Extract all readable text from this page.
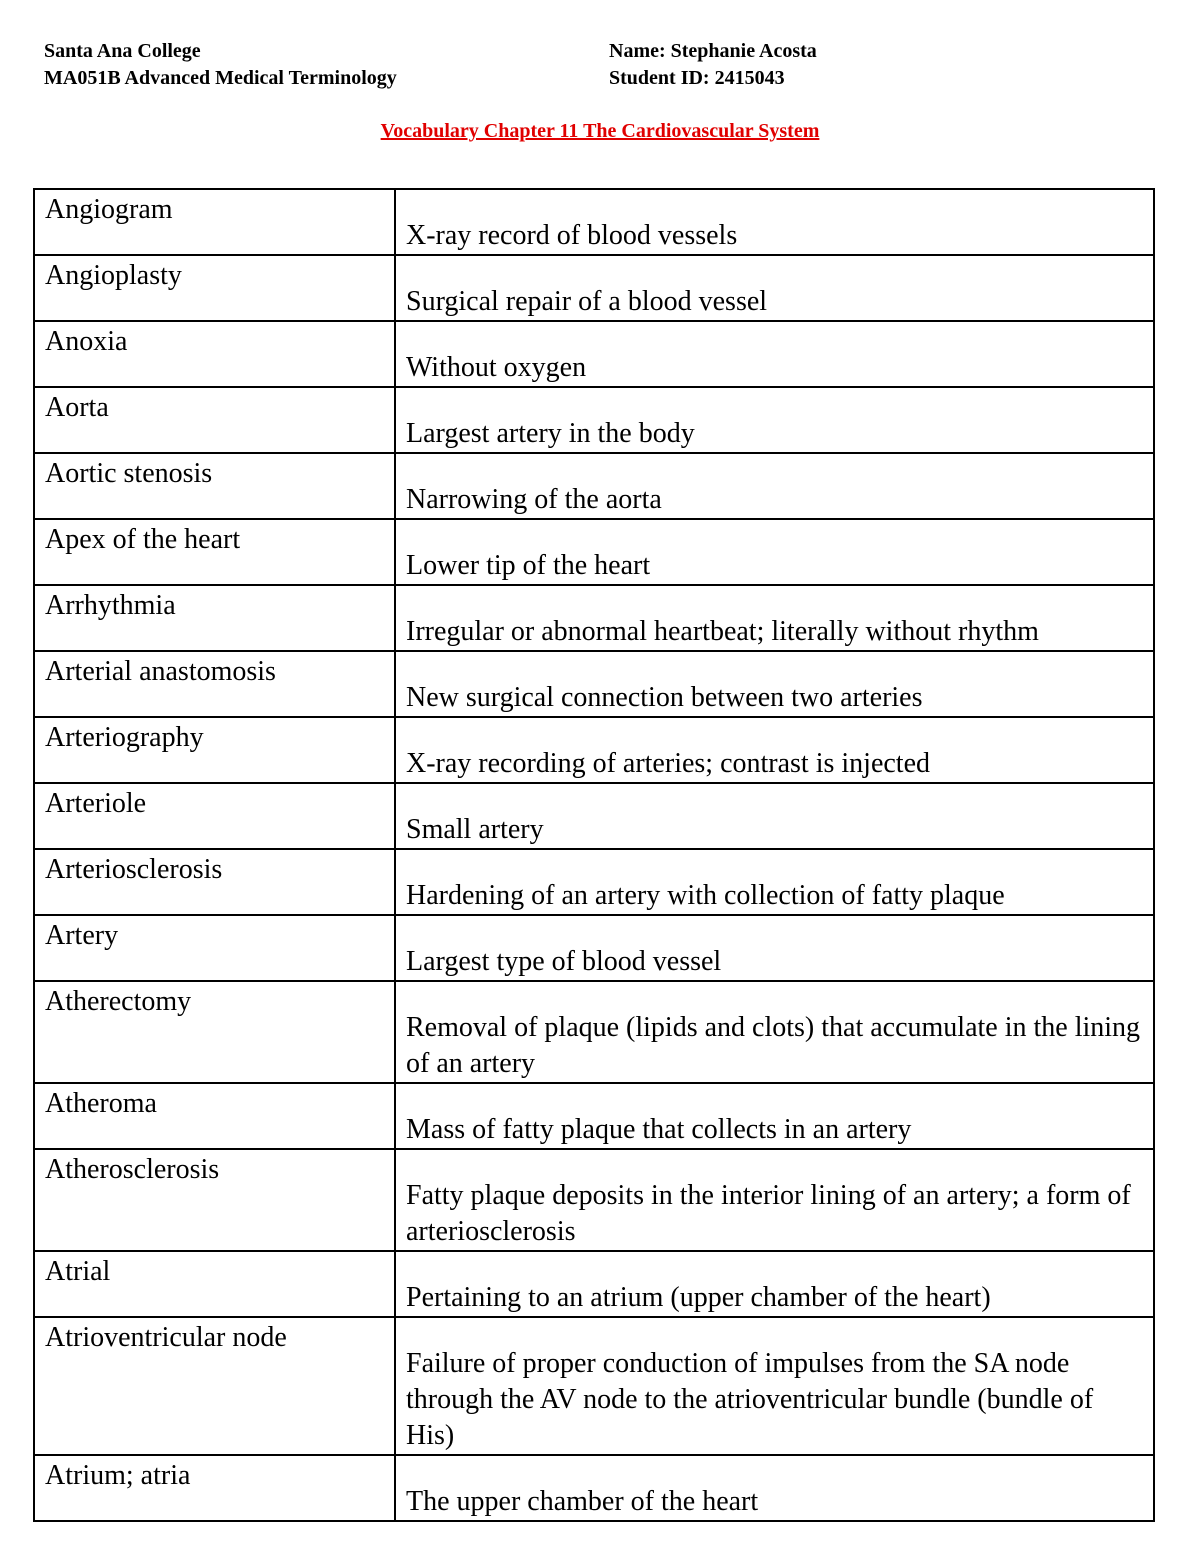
Santa Ana College
MA051B Advanced Medical Terminology
Name: Stephanie Acosta
Student ID: 2415043
Vocabulary Chapter 11 The Cardiovascular System
Angiogram	X-ray record of blood vessels
Angioplasty	Surgical repair of a blood vessel
Anoxia	Without oxygen
Aorta	Largest artery in the body
Aortic stenosis	Narrowing of the aorta
Apex of the heart	Lower tip of the heart
Arrhythmia	Irregular or abnormal heartbeat; literally without rhythm
Arterial anastomosis	New surgical connection between two arteries
Arteriography	X-ray recording of arteries; contrast is injected
Arteriole	Small artery
Arteriosclerosis	Hardening of an artery with collection of fatty plaque
Artery	Largest type of blood vessel
Atherectomy	Removal of plaque (lipids and clots) that accumulate in the lining of an artery
Atheroma	Mass of fatty plaque that collects in an artery
Atherosclerosis	Fatty plaque deposits in the interior lining of an artery; a form of arteriosclerosis
Atrial	Pertaining to an atrium (upper chamber of the heart)
Atrioventricular node	Failure of proper conduction of impulses from the SA node through the AV node to the atrioventricular bundle (bundle of His)
Atrium; atria	The upper chamber of the heart
